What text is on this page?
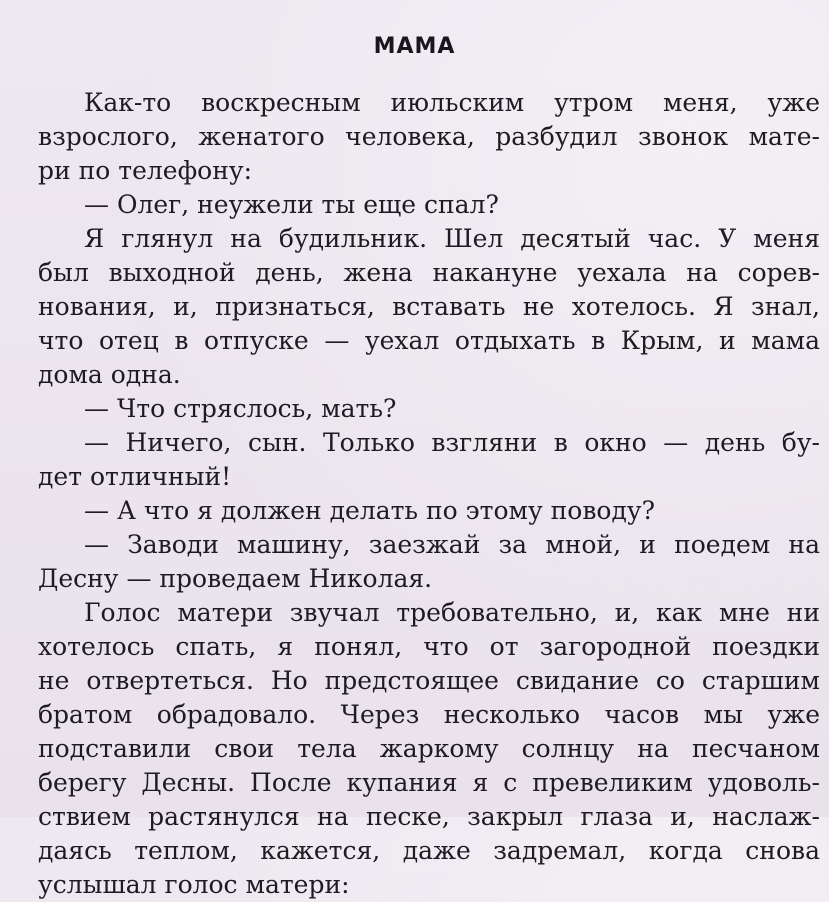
МАМА
Как-то воскресным июльским утром меня, уже
взрослого, женатого человека, разбудил звонок мате-
ри по телефону:
— Олег, неужели ты еще спал?
Я глянул на будильник. Шел десятый час. У меня
был выходной день, жена накануне уехала на сорев-
нования, и, признаться, вставать не хотелось. Я знал,
что отец в отпуске — уехал отдыхать в Крым, и мама
дома одна.
— Что стряслось, мать?
— Ничего, сын. Только взгляни в окно — день бу-
дет отличный!
— А что я должен делать по этому поводу?
— Заводи машину, заезжай за мной, и поедем на
Десну — проведаем Николая.
Голос матери звучал требовательно, и, как мне ни
хотелось спать, я понял, что от загородной поездки
не отвертеться. Но предстоящее свидание со старшим
братом обрадовало. Через несколько часов мы уже
подставили свои тела жаркому солнцу на песчаном
берегу Десны. После купания я с превеликим удоволь-
ствием растянулся на песке, закрыл глаза и, наслаж-
даясь теплом, кажется, даже задремал, когда снова
услышал голос матери:
